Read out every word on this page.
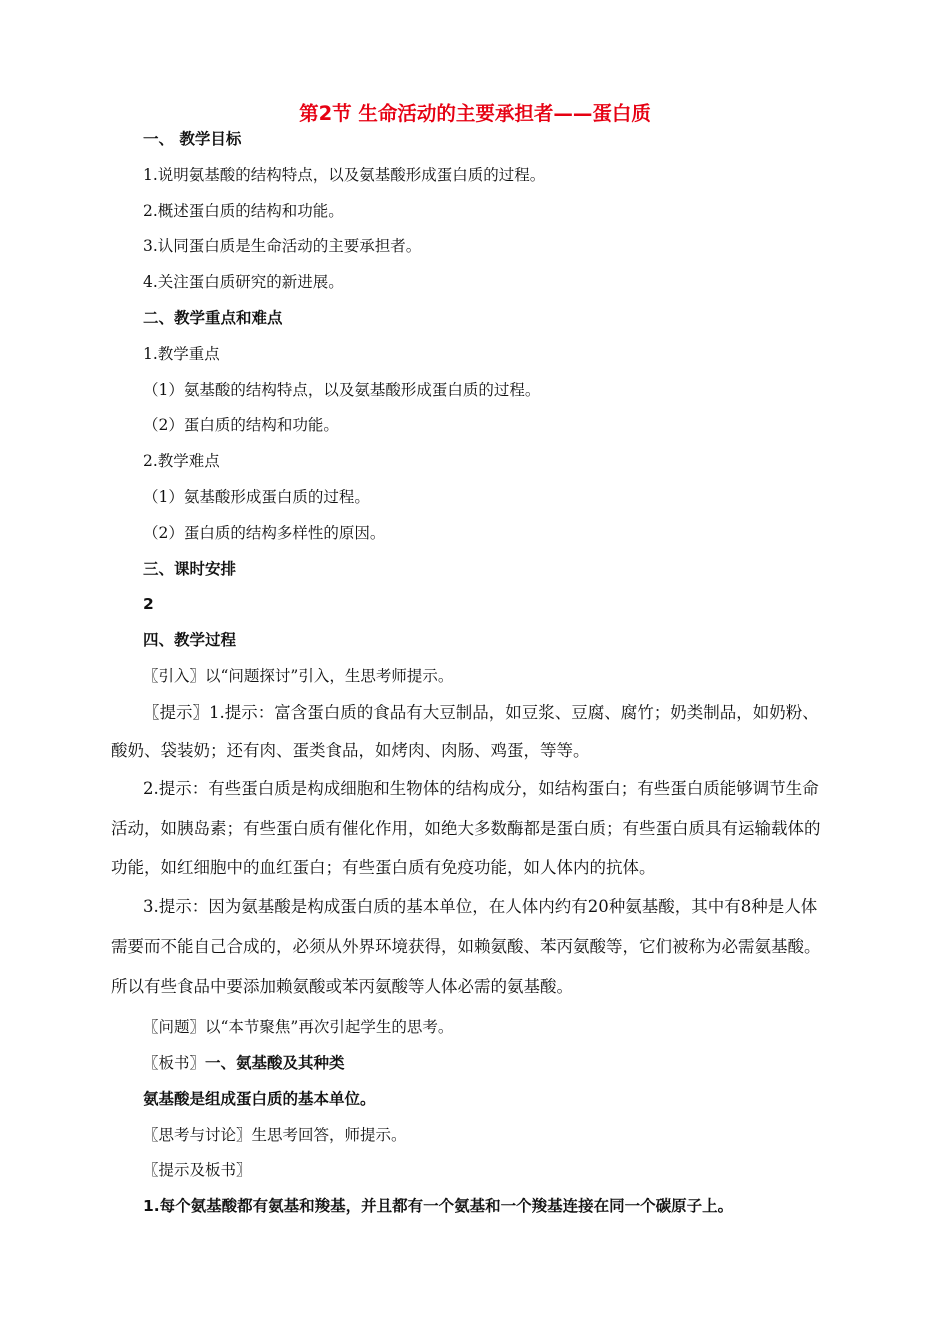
第2节 生命活动的主要承担者——蛋白质
一、 教学目标
1.说明氨基酸的结构特点，以及氨基酸形成蛋白质的过程。
2.概述蛋白质的结构和功能。
3.认同蛋白质是生命活动的主要承担者。
4.关注蛋白质研究的新进展。
二、教学重点和难点
1.教学重点
（1）氨基酸的结构特点，以及氨基酸形成蛋白质的过程。
（2）蛋白质的结构和功能。
2.教学难点
（1）氨基酸形成蛋白质的过程。
（2）蛋白质的结构多样性的原因。
三、课时安排
2
四、教学过程
〖引入〗以“问题探讨”引入，生思考师提示。
〖提示〗1.提示：富含蛋白质的食品有大豆制品，如豆浆、豆腐、腐竹；奶类制品，如奶粉、
酸奶、袋装奶；还有肉、蛋类食品，如烤肉、肉肠、鸡蛋，等等。
2.提示：有些蛋白质是构成细胞和生物体的结构成分，如结构蛋白；有些蛋白质能够调节生命
活动，如胰岛素；有些蛋白质有催化作用，如绝大多数酶都是蛋白质；有些蛋白质具有运输载体的
功能，如红细胞中的血红蛋白；有些蛋白质有免疫功能，如人体内的抗体。
3.提示：因为氨基酸是构成蛋白质的基本单位，在人体内约有20种氨基酸，其中有8种是人体
需要而不能自己合成的，必须从外界环境获得，如赖氨酸、苯丙氨酸等，它们被称为必需氨基酸。
所以有些食品中要添加赖氨酸或苯丙氨酸等人体必需的氨基酸。
〖问题〗以“本节聚焦”再次引起学生的思考。
〖板书〗一、氨基酸及其种类
氨基酸是组成蛋白质的基本单位。
〖思考与讨论〗生思考回答，师提示。
〖提示及板书〗
1.每个氨基酸都有氨基和羧基，并且都有一个氨基和一个羧基连接在同一个碳原子上。
